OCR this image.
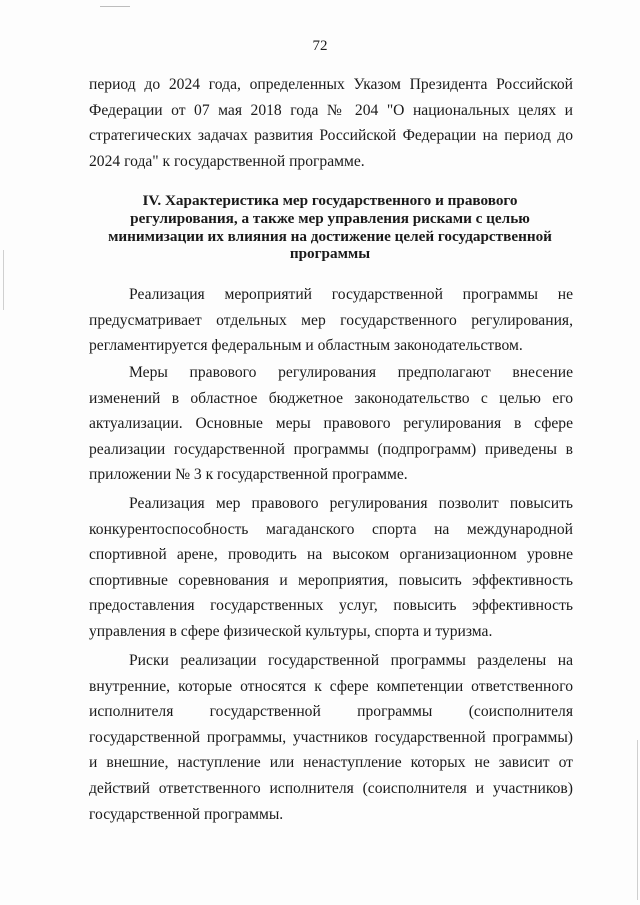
72

период до 2024 года, определенных Указом Президента Российской Федерации от 07 мая 2018 года № 204 "О национальных целях и стратегических задачах развития Российской Федерации на период до 2024 года" к государственной программе.

IV. Характеристика мер государственного и правового
регулирования, а также мер управления рисками с целью
минимизации их влияния на достижение целей государственной
программы

Реализация мероприятий государственной программы не предусматривает отдельных мер государственного регулирования, регламентируется федеральным и областным законодательством.

Меры правового регулирования предполагают внесение изменений в областное бюджетное законодательство с целью его актуализации. Основные меры правового регулирования в сфере реализации государственной программы (подпрограмм) приведены в приложении № 3 к государственной программе.

Реализация мер правового регулирования позволит повысить конкурентоспособность магаданского спорта на международной спортивной арене, проводить на высоком организационном уровне спортивные соревнования и мероприятия, повысить эффективность предоставления государственных услуг, повысить эффективность управления в сфере физической культуры, спорта и туризма.

Риски реализации государственной программы разделены на внутренние, которые относятся к сфере компетенции ответственного исполнителя государственной программы (соисполнителя государственной программы, участников государственной программы) и внешние, наступление или ненаступление которых не зависит от действий ответственного исполнителя (соисполнителя и участников) государственной программы.
